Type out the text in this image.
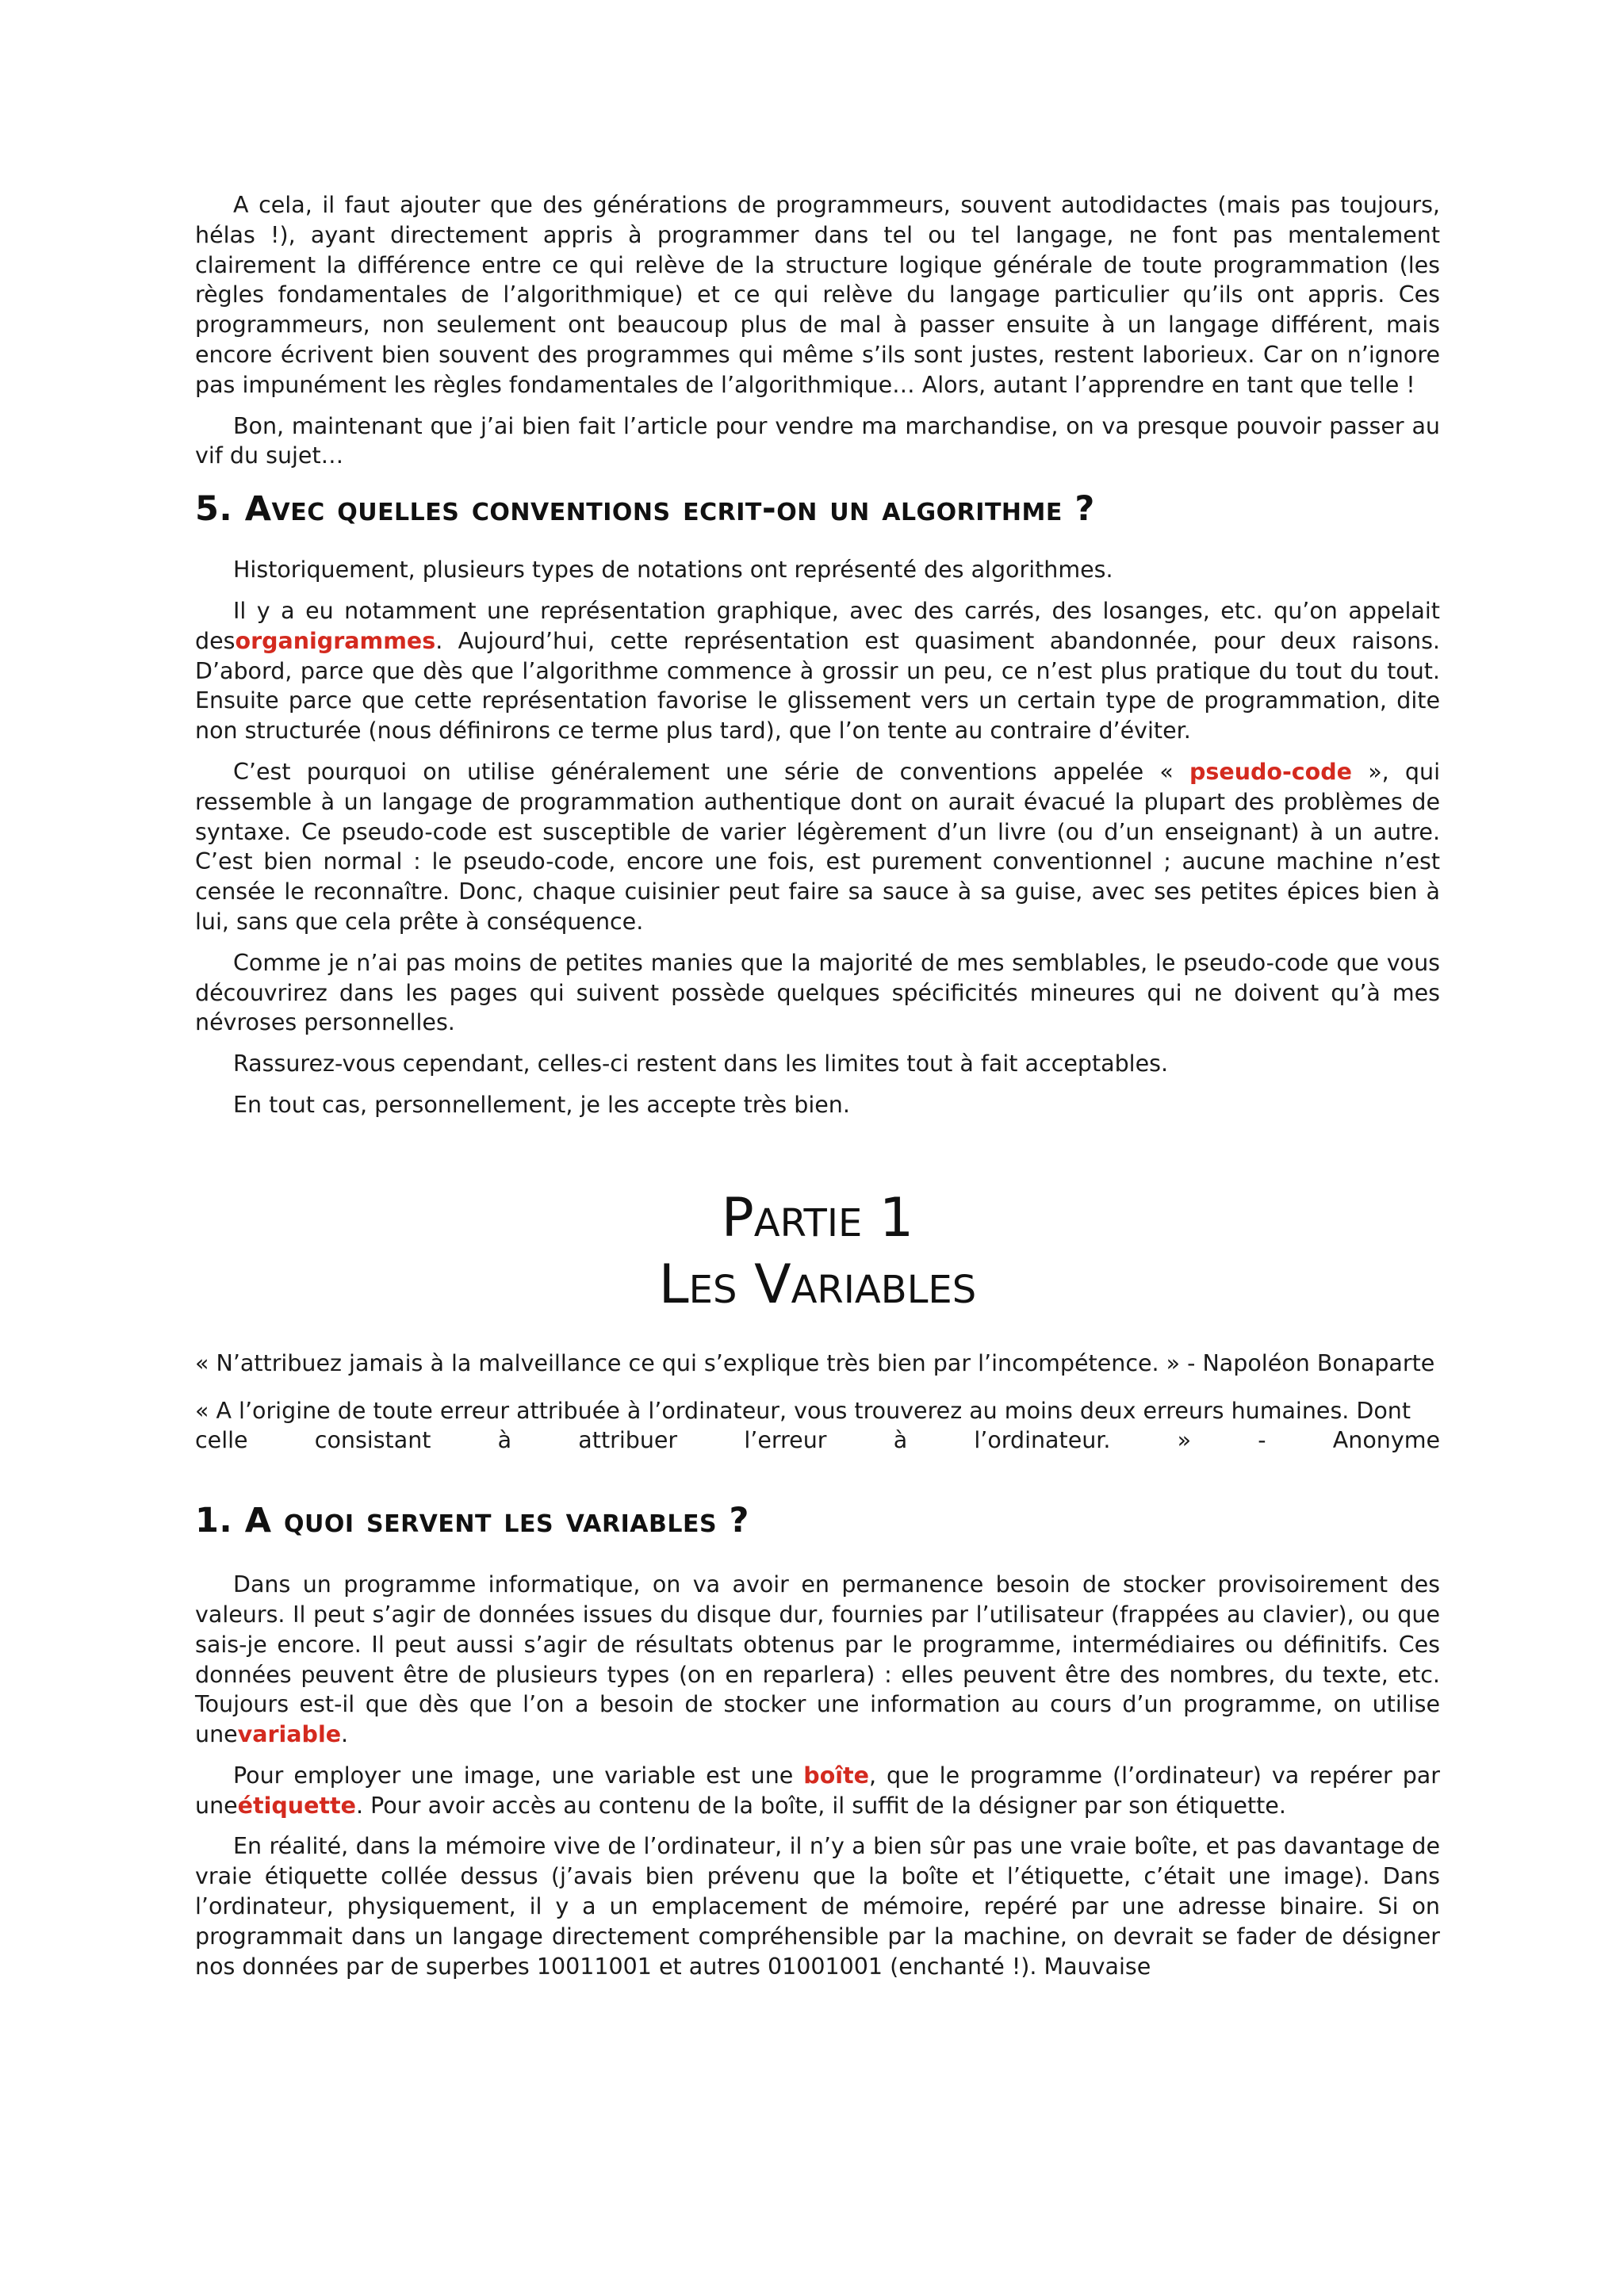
A cela, il faut ajouter que des générations de programmeurs, souvent autodidactes (mais pas toujours, hélas !), ayant directement appris à programmer dans tel ou tel langage, ne font pas mentalement clairement la différence entre ce qui relève de la structure logique générale de toute programmation (les règles fondamentales de l’algorithmique) et ce qui relève du langage particulier qu’ils ont appris. Ces programmeurs, non seulement ont beaucoup plus de mal à passer ensuite à un langage différent, mais encore écrivent bien souvent des programmes qui même s’ils sont justes, restent laborieux. Car on n’ignore pas impunément les règles fondamentales de l’algorithmique… Alors, autant l’apprendre en tant que telle !

Bon, maintenant que j’ai bien fait l’article pour vendre ma marchandise, on va presque pouvoir passer au vif du sujet…

5. Avec quelles conventions ecrit-on un algorithme ?

Historiquement, plusieurs types de notations ont représenté des algorithmes.

Il y a eu notamment une représentation graphique, avec des carrés, des losanges, etc. qu’on appelait desorganigrammes. Aujourd’hui, cette représentation est quasiment abandonnée, pour deux raisons. D’abord, parce que dès que l’algorithme commence à grossir un peu, ce n’est plus pratique du tout du tout. Ensuite parce que cette représentation favorise le glissement vers un certain type de programmation, dite non structurée (nous définirons ce terme plus tard), que l’on tente au contraire d’éviter.

C’est pourquoi on utilise généralement une série de conventions appelée « pseudo-code », qui ressemble à un langage de programmation authentique dont on aurait évacué la plupart des problèmes de syntaxe. Ce pseudo-code est susceptible de varier légèrement d’un livre (ou d’un enseignant) à un autre. C’est bien normal : le pseudo-code, encore une fois, est purement conventionnel ; aucune machine n’est censée le reconnaître. Donc, chaque cuisinier peut faire sa sauce à sa guise, avec ses petites épices bien à lui, sans que cela prête à conséquence.

Comme je n’ai pas moins de petites manies que la majorité de mes semblables, le pseudo-code que vous découvrirez dans les pages qui suivent possède quelques spécificités mineures qui ne doivent qu’à mes névroses personnelles.

Rassurez-vous cependant, celles-ci restent dans les limites tout à fait acceptables.

En tout cas, personnellement, je les accepte très bien.

Partie 1
Les Variables

« N’attribuez jamais à la malveillance ce qui s’explique très bien par l’incompétence. » - Napoléon Bonaparte

« A l’origine de toute erreur attribuée à l’ordinateur, vous trouverez au moins deux erreurs humaines. Dont
celle consistant à attribuer l’erreur à l’ordinateur. » - Anonyme

1. A quoi servent les variables ?

Dans un programme informatique, on va avoir en permanence besoin de stocker provisoirement des valeurs. Il peut s’agir de données issues du disque dur, fournies par l’utilisateur (frappées au clavier), ou que sais-je encore. Il peut aussi s’agir de résultats obtenus par le programme, intermédiaires ou définitifs. Ces données peuvent être de plusieurs types (on en reparlera) : elles peuvent être des nombres, du texte, etc. Toujours est-il que dès que l’on a besoin de stocker une information au cours d’un programme, on utilise unevariable.

Pour employer une image, une variable est une boîte, que le programme (l’ordinateur) va repérer par uneétiquette. Pour avoir accès au contenu de la boîte, il suffit de la désigner par son étiquette.

En réalité, dans la mémoire vive de l’ordinateur, il n’y a bien sûr pas une vraie boîte, et pas davantage de vraie étiquette collée dessus (j’avais bien prévenu que la boîte et l’étiquette, c’était une image). Dans l’ordinateur, physiquement, il y a un emplacement de mémoire, repéré par une adresse binaire. Si on programmait dans un langage directement compréhensible par la machine, on devrait se fader de désigner nos données par de superbes 10011001 et autres 01001001 (enchanté !). Mauvaise
